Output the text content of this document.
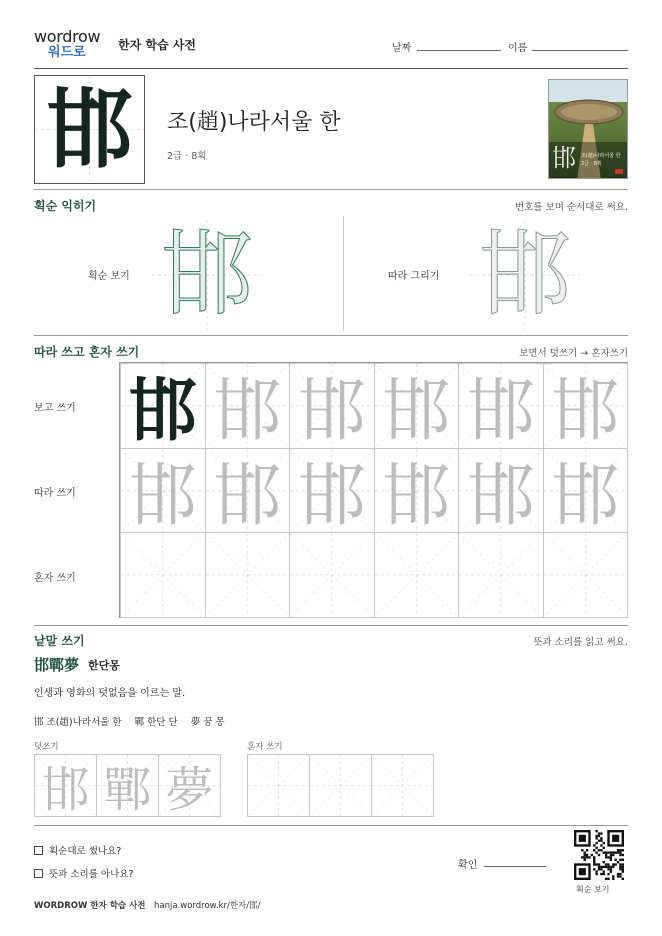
wordrow
워드로	한자 학습 사전	날짜	이름
邯	조(趙)나라서울 한
2급 · 8획	邯 조(趙)나라서울 한
2급 · 8획
획순 익히기	번호를 보며 순서대로 써요.
획순 보기 邯	따라 그리기 邯
따라 쓰고 혼자 쓰기	보면서 덧쓰기 → 혼자쓰기
보고 쓰기
따라 쓰기
혼자 쓰기
邯 邯 邯 邯 邯 邯
邯 邯 邯 邯 邯 邯
낱말 쓰기	뜻과 소리를 읽고 써요.
邯鄲夢 한단몽
인생과 영화의 덧없음을 이르는 말.
邯 조(趙)나라서울 한 鄲 한단 단 夢 꿈 몽
덧쓰기	혼자 쓰기
邯 鄲 夢
획순대로 썼나요?
뜻과 소리를 아나요?
확인
획순 보기
WORDROW 한자 학습 사전 hanja.wordrow.kr/한자/邯/
